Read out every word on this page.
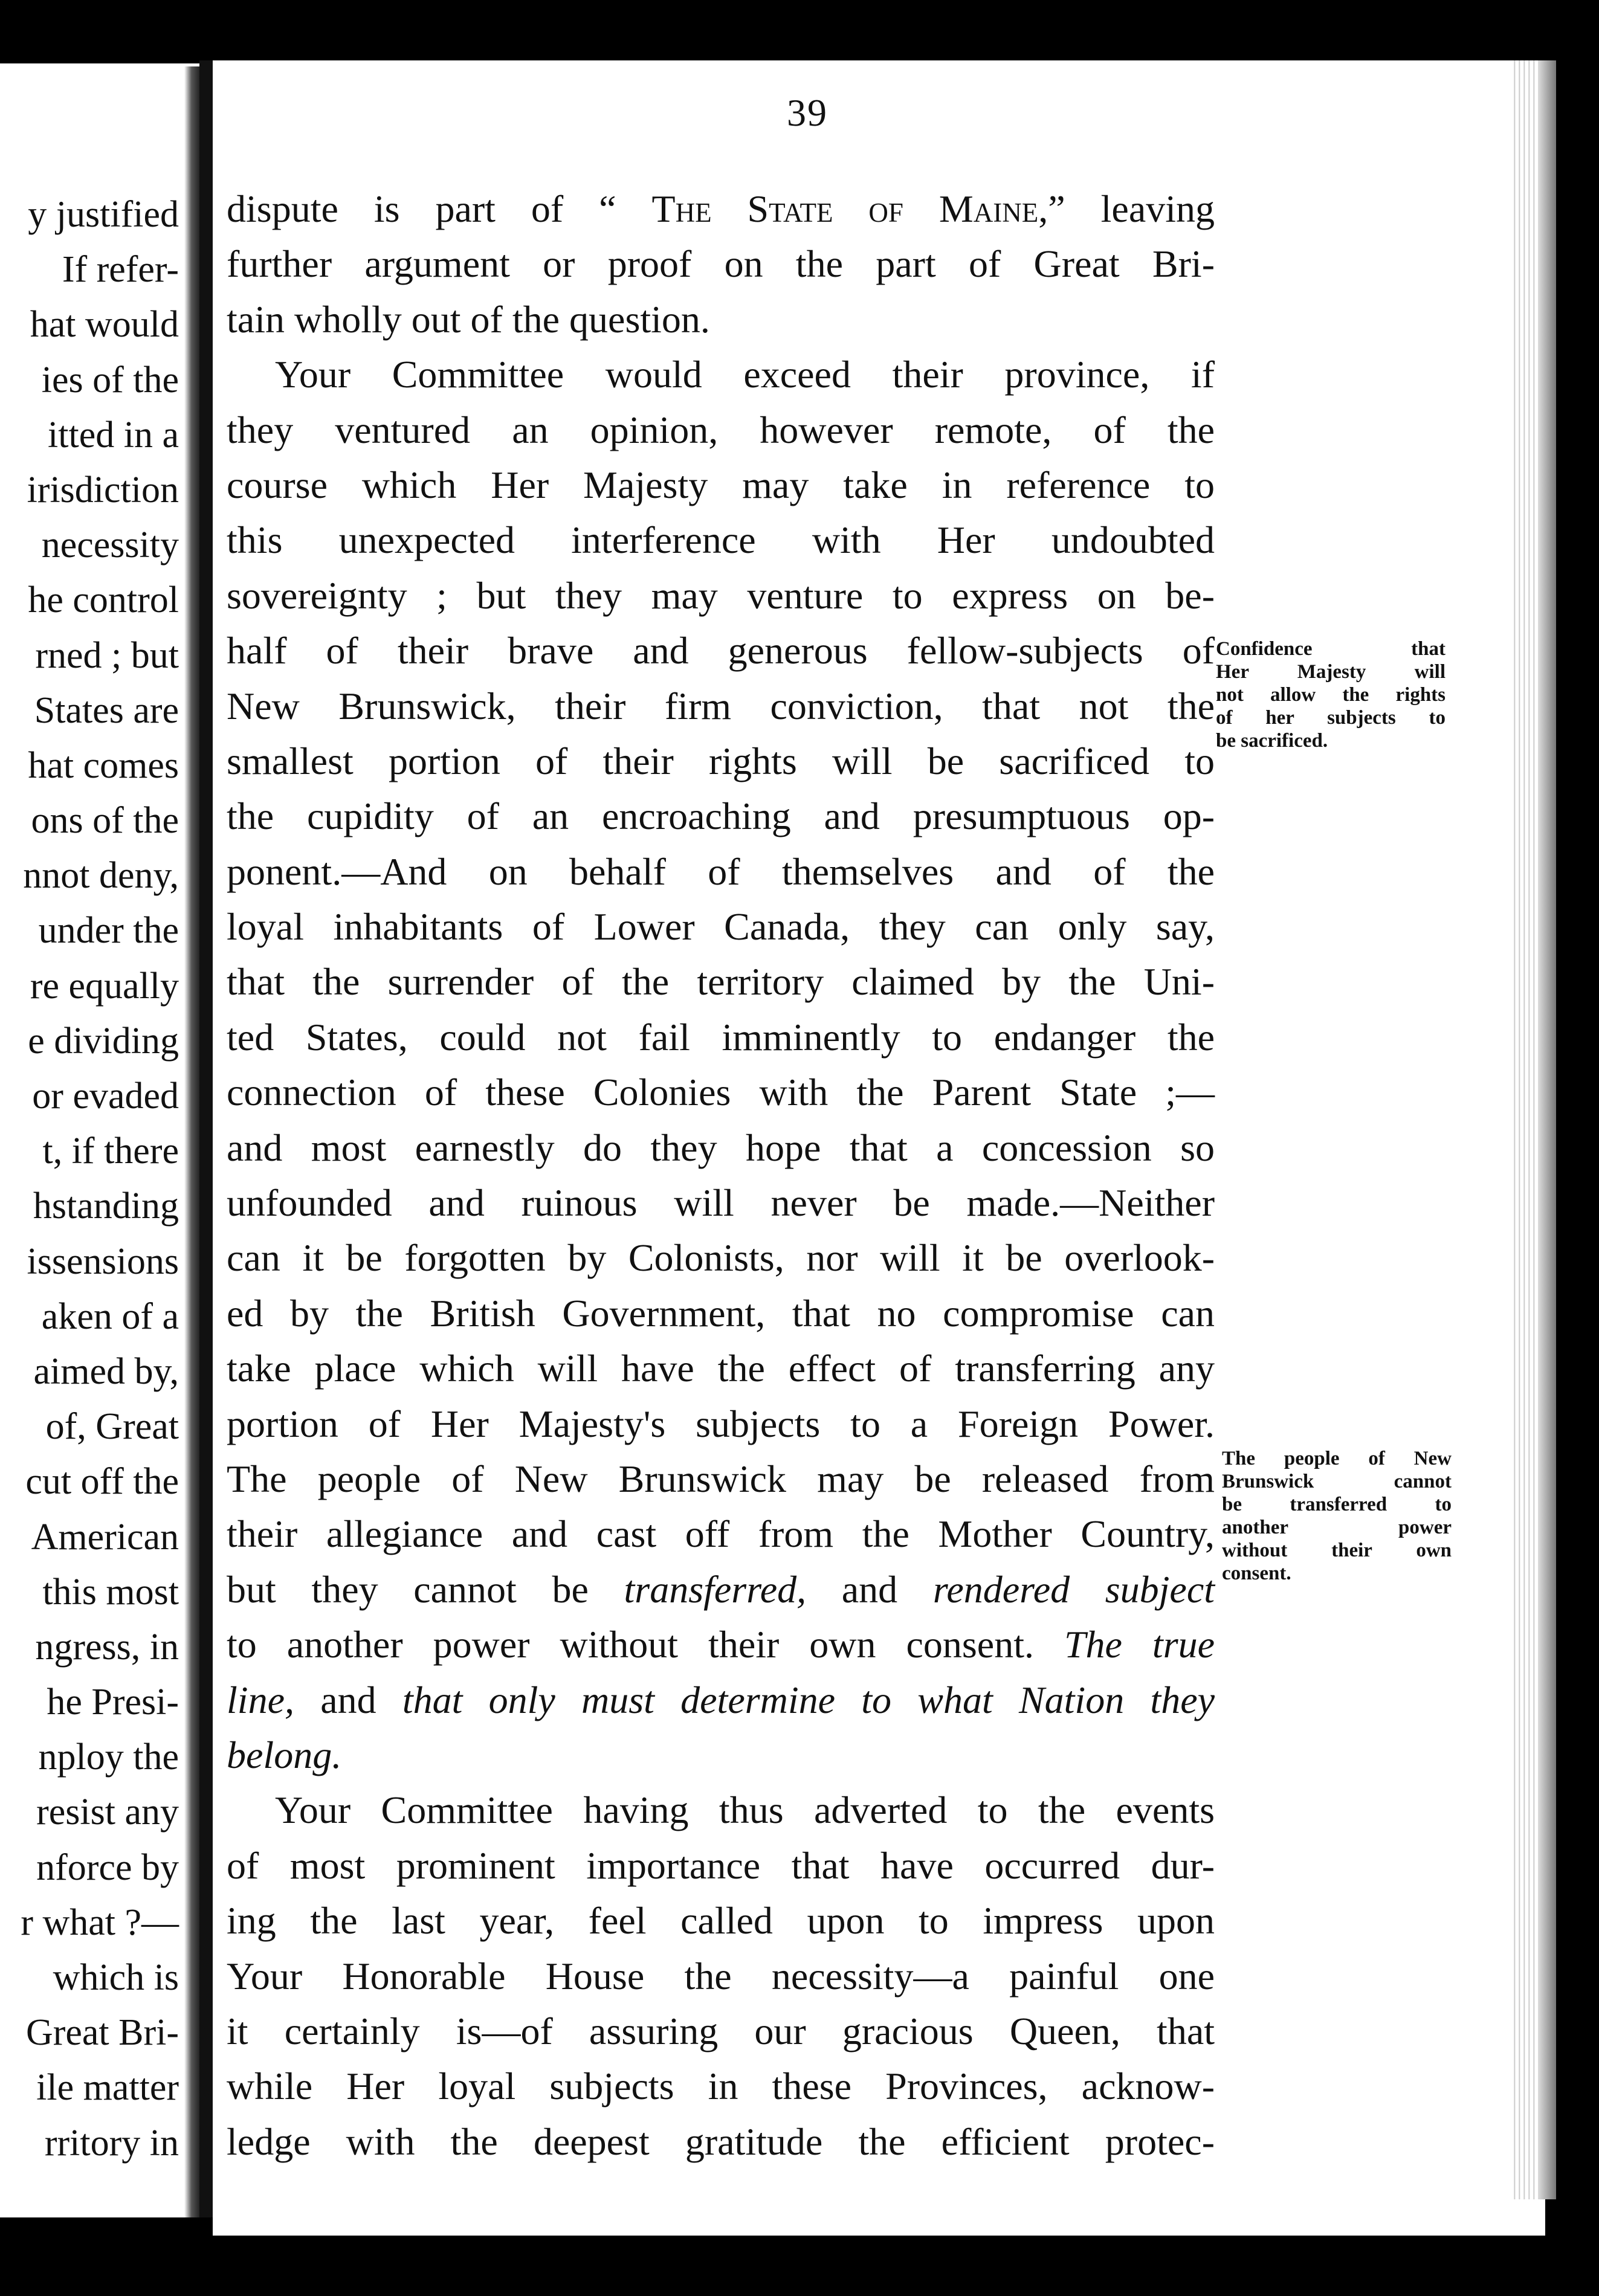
y justified
If refer-
hat would
ies of the
itted in a
irisdiction
necessity
he control
rned ; but
States are
hat comes
ons of the
nnot deny,
under the
re equally
e dividing
or evaded
t, if there
hstanding
issensions
aken of a
aimed by,
of, Great
cut off the
American
this most
ngress, in
he Presi-
nploy the
resist any
nforce by
r what ?—
which is
Great Bri-
ile matter
rritory in
39
dispute is part of “ The State of Maine,” leaving
further argument or proof on the part of Great Bri-
tain wholly out of the question.
Your Committee would exceed their province, if
they ventured an opinion, however remote, of the
course which Her Majesty may take in reference to
this unexpected interference with Her undoubted
sovereignty ; but they may venture to express on be-
half of their brave and generous fellow-subjects of
New Brunswick, their firm conviction, that not the
smallest portion of their rights will be sacrificed to
the cupidity of an encroaching and presumptuous op-
ponent.—And on behalf of themselves and of the
loyal inhabitants of Lower Canada, they can only say,
that the surrender of the territory claimed by the Uni-
ted States, could not fail imminently to endanger the
connection of these Colonies with the Parent State ;—
and most earnestly do they hope that a concession so
unfounded and ruinous will never be made.—Neither
can it be forgotten by Colonists, nor will it be overlook-
ed by the British Government, that no compromise can
take place which will have the effect of transferring any
portion of Her Majesty's subjects to a Foreign Power.
The people of New Brunswick may be released from
their allegiance and cast off from the Mother Country,
but they cannot be transferred, and rendered subject
to another power without their own consent. The true
line, and that only must determine to what Nation they
belong.
Your Committee having thus adverted to the events
of most prominent importance that have occurred dur-
ing the last year, feel called upon to impress upon
Your Honorable House the necessity—a painful one
it certainly is—of assuring our gracious Queen, that
while Her loyal subjects in these Provinces, acknow-
ledge with the deepest gratitude the efficient protec-
Confidence that
Her Majesty will
not allow the rights
of her subjects to
be sacrificed.
The people of New
Brunswick cannot
be transferred to
another power
without their own
consent.
